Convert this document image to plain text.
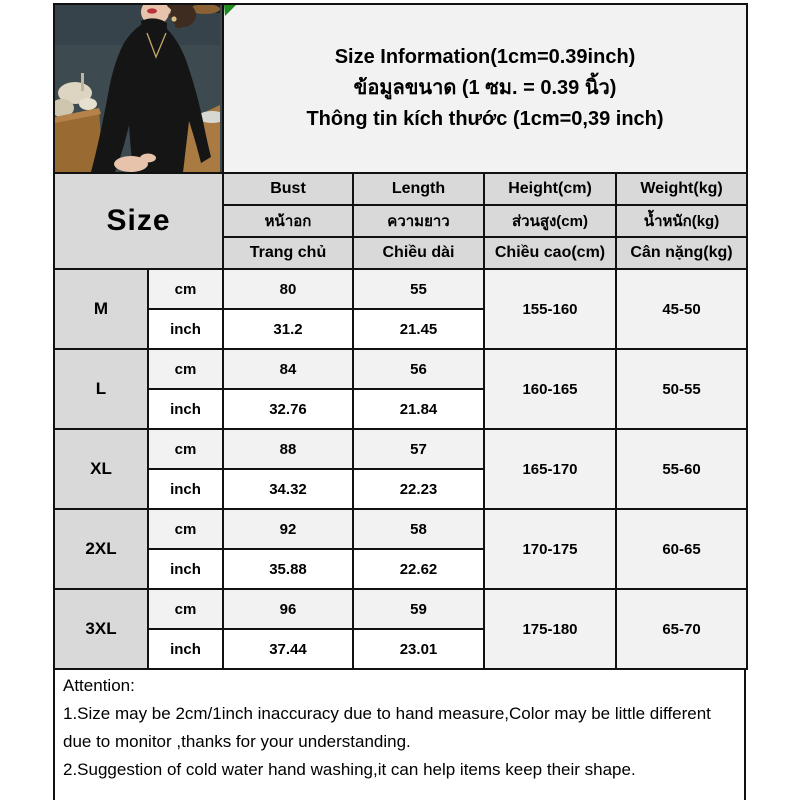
Size Information(1cm=0.39inch)
ข้อมูลขนาด (1 ซม. = 0.39 นิ้ว)
Thông tin kích thước (1cm=0,39 inch)			

Size		Bust	Length	Height(cm)	Weight(kg)
		หน้าอก	ความยาว	ส่วนสูง(cm)	น้ำหนัก(kg)
		Trang chủ	Chiều dài	Chiều cao(cm)	Cân nặng(kg)
M	cm	80	55	155-160	45-50
	inch	31.2	21.45		
L	cm	84	56	160-165	50-55
	inch	32.76	21.84		
XL	cm	88	57	165-170	55-60
	inch	34.32	22.23		
2XL	cm	92	58	170-175	60-65
	inch	35.88	22.62		
3XL	cm	96	59	175-180	65-70
	inch	37.44	23.01		
Attention:
1.Size may be 2cm/1inch inaccuracy due to hand measure,Color may be little different due to monitor ,thanks for your understanding.
2.Suggestion of cold water hand washing,it can help items keep their shape.
